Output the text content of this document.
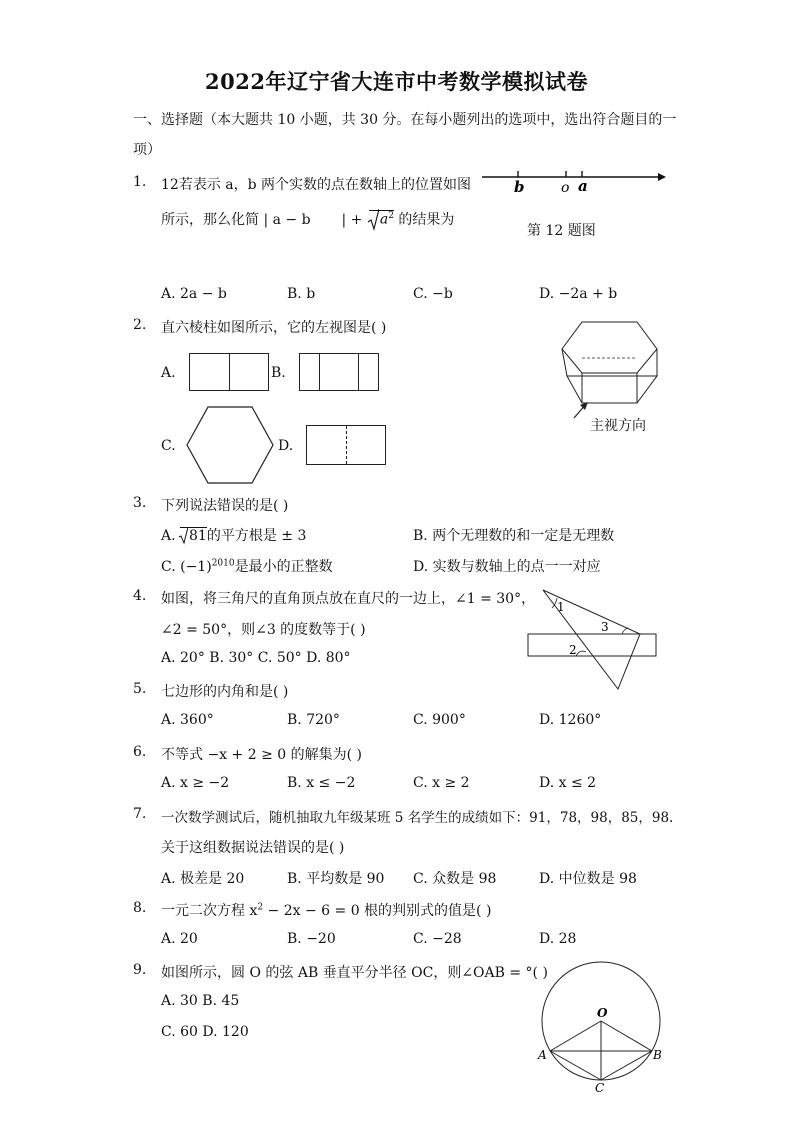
2022年辽宁省大连市中考数学模拟试卷
一、选择题（本大题共 10 小题，共 30 分。在每小题列出的选项中，选出符合题目的一
项）
1. 12若表示 a，b 两个实数的点在数轴上的位置如图
所示，那么化简 | a − b | +
$a^2$ 的结果为
b	o a
第 12 题图
A. 2a − b	B. b	C. −b	D. −2a + b
2. 直六棱柱如图所示，它的左视图是( )
A.	B.
C.	D.
主视方向
3. 下列说法错误的是( )
A.
81的平方根是 ± 3	B. 两个无理数的和一定是无理数
C. $(-1)^{2010}$是最小的正整数	D. 实数与数轴上的点一一对应
4. 如图，将三角尺的直角顶点放在直尺的一边上，∠1 = 30°，
∠2 = 50°，则∠3 的度数等于( )
A. 20° B. 30° C. 50° D. 80°
1
3
2
5. 七边形的内角和是( )
A. 360°	B. 720°	C. 900°	D. 1260°
6. 不等式 −x + 2 ≥ 0 的解集为( )
A. x ≥ −2	B. x ≤ −2	C. x ≥ 2	D. x ≤ 2
7. 一次数学测试后，随机抽取九年级某班 5 名学生的成绩如下：91，78，98，85，98.
关于这组数据说法错误的是( )
A. 极差是 20	B. 平均数是 90 C. 众数是 98	D. 中位数是 98
8. 一元二次方程 $x^2 - 2x - 6 = 0$ 根的判别式的值是( )
A. 20	B. −20	C. −28	D. 28
9. 如图所示，圆 O 的弦 AB 垂直平分半径 OC，则∠OAB = °( )
A. 30 B. 45
C. 60 D. 120
O
A	B
C
